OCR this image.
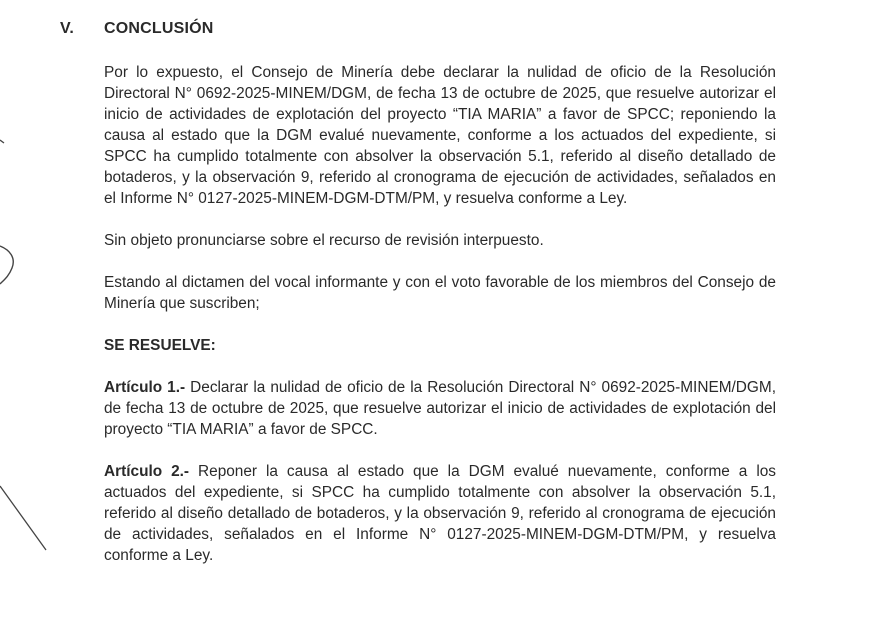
V. CONCLUSIÓN

Por lo expuesto, el Consejo de Minería debe declarar la nulidad de oficio de la Resolución Directoral N° 0692-2025-MINEM/DGM, de fecha 13 de octubre de 2025, que resuelve autorizar el inicio de actividades de explotación del proyecto “TIA MARIA” a favor de SPCC; reponiendo la causa al estado que la DGM evalué nuevamente, conforme a los actuados del expediente, si SPCC ha cumplido totalmente con absolver la observación 5.1, referido al diseño detallado de botaderos, y la observación 9, referido al cronograma de ejecución de actividades, señalados en el Informe N° 0127-2025-MINEM-DGM-DTM/PM, y resuelva conforme a Ley.

Sin objeto pronunciarse sobre el recurso de revisión interpuesto.

Estando al dictamen del vocal informante y con el voto favorable de los miembros del Consejo de Minería que suscriben;

SE RESUELVE:

Artículo 1.- Declarar la nulidad de oficio de la Resolución Directoral N° 0692-2025-MINEM/DGM, de fecha 13 de octubre de 2025, que resuelve autorizar el inicio de actividades de explotación del proyecto “TIA MARIA” a favor de SPCC.

Artículo 2.- Reponer la causa al estado que la DGM evalué nuevamente, conforme a los actuados del expediente, si SPCC ha cumplido totalmente con absolver la observación 5.1, referido al diseño detallado de botaderos, y la observación 9, referido al cronograma de ejecución de actividades, señalados en el Informe N° 0127-2025-MINEM-DGM-DTM/PM, y resuelva conforme a Ley.
